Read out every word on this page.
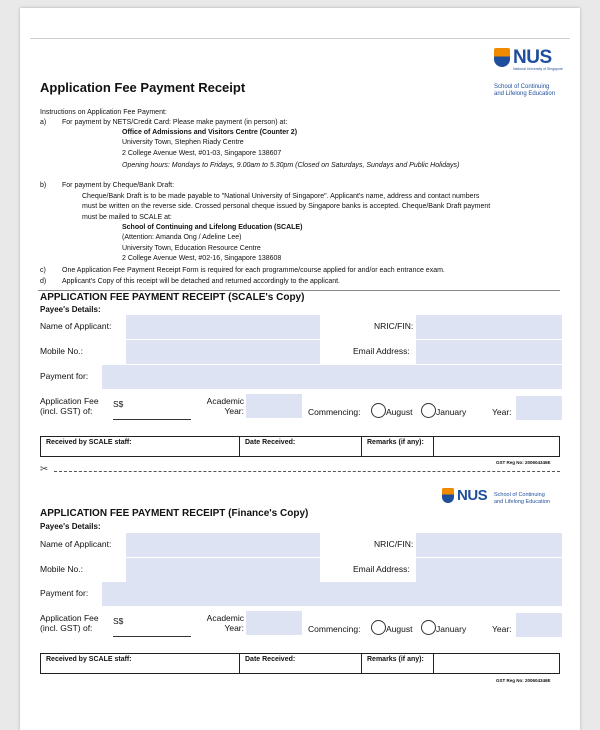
NUS
National University of Singapore
School of Continuing
and Lifelong Education
Application Fee Payment Receipt
Instructions on Application Fee Payment:
a) For payment by NETS/Credit Card: Please make payment (in person) at:
Office of Admissions and Visitors Centre (Counter 2)
University Town, Stephen Riady Centre
2 College Avenue West, #01-03, Singapore 138607
Opening hours: Mondays to Fridays, 9.00am to 5.30pm (Closed on Saturdays, Sundays and Public Holidays)
b) For payment by Cheque/Bank Draft:
Cheque/Bank Draft is to be made payable to "National University of Singapore". Applicant's name, address and contact numbers
must be written on the reverse side. Crossed personal cheque issued by Singapore banks is accepted. Cheque/Bank Draft payment
must be mailed to SCALE at:
School of Continuing and Lifelong Education (SCALE)
(Attention: Amanda Ong / Adeline Lee)
University Town, Education Resource Centre
2 College Avenue West, #02-16, Singapore 138608
c) One Application Fee Payment Receipt Form is required for each programme/course applied for and/or each entrance exam.
d) Applicant's Copy of this receipt will be detached and returned accordingly to the applicant.
APPLICATION FEE PAYMENT RECEIPT (SCALE's Copy)
Payee's Details:
Name of Applicant:	NRIC/FIN:
Mobile No.:	Email Address:
Payment for:
Application Fee
(incl. GST) of:
S$	Academic
Year:	Commencing:	August	January	Year:
Received by SCALE staff:	Date Received:	Remarks (if any):
GST Reg No: 200604346E
✂
NUS School of Continuing
and Lifelong Education
APPLICATION FEE PAYMENT RECEIPT (Finance's Copy)
Payee's Details:
Name of Applicant:	NRIC/FIN:
Mobile No.:	Email Address:
Payment for:
Application Fee
(incl. GST) of:
S$	Academic
Year:	Commencing:	August	January	Year:
Received by SCALE staff:	Date Received:	Remarks (if any):
GST Reg No: 200604346E
